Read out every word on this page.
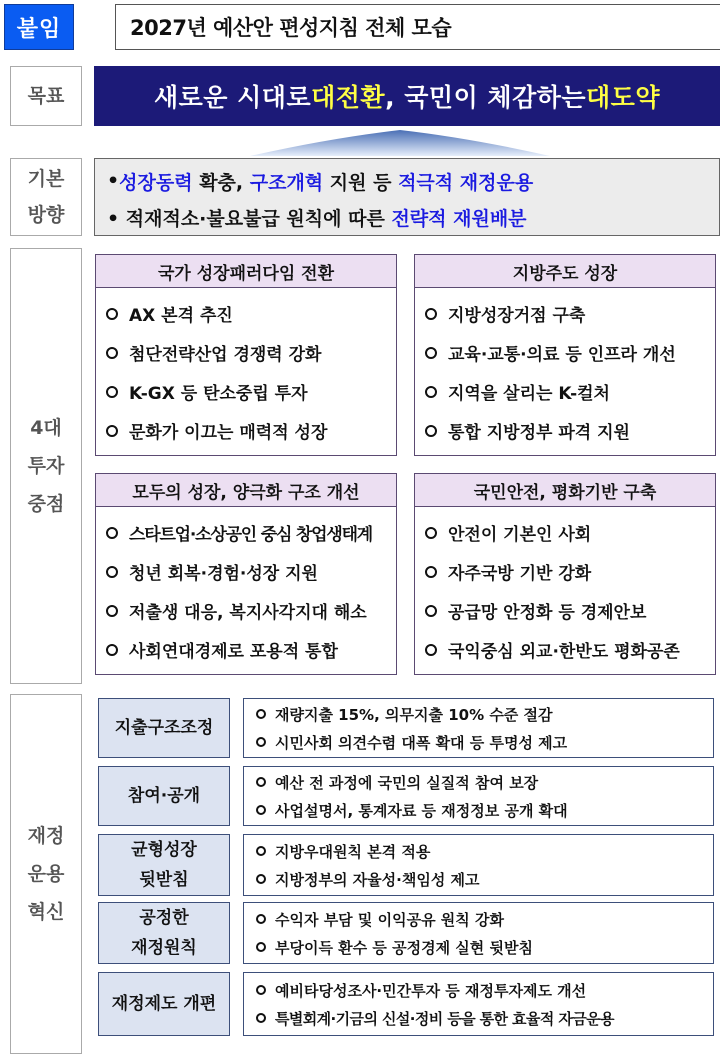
붙임	2027년 예산안 편성지침 전체 모습
목표	새로운 시대로 대전환 , 국민이 체감하는 대도약
기본
방향
• 성장동력 확충, 구조개혁 지원 등 적극적 재정운용
• 적재적소·불요불급 원칙에 따른 전략적 재원배분
4대
투자
중점
국가 성장패러다임 전환
AX 본격 추진
첨단전략산업 경쟁력 강화
K-GX 등 탄소중립 투자
문화가 이끄는 매력적 성장
지방주도 성장
지방성장거점 구축
교육·교통·의료 등 인프라 개선
지역을 살리는 K-컬처
통합 지방정부 파격 지원
모두의 성장, 양극화 구조 개선
스타트업·소상공인 중심 창업생태계
청년 회복·경험·성장 지원
저출생 대응, 복지사각지대 해소
사회연대경제로 포용적 통합
국민안전, 평화기반 구축
안전이 기본인 사회
자주국방 기반 강화
공급망 안정화 등 경제안보
국익중심 외교·한반도 평화공존
재정
운용
혁신
지출구조조정
재량지출 15%, 의무지출 10% 수준 절감
시민사회 의견수렴 대폭 확대 등 투명성 제고
참여·공개
예산 전 과정에 국민의 실질적 참여 보장
사업설명서, 통계자료 등 재정정보 공개 확대
균형성장
뒷받침
지방우대원칙 본격 적용
지방정부의 자율성·책임성 제고
공정한
재정원칙
수익자 부담 및 이익공유 원칙 강화
부당이득 환수 등 공정경제 실현 뒷받침
재정제도 개편
예비타당성조사·민간투자 등 재정투자제도 개선
특별회계·기금의 신설·정비 등을 통한 효율적 자금운용
